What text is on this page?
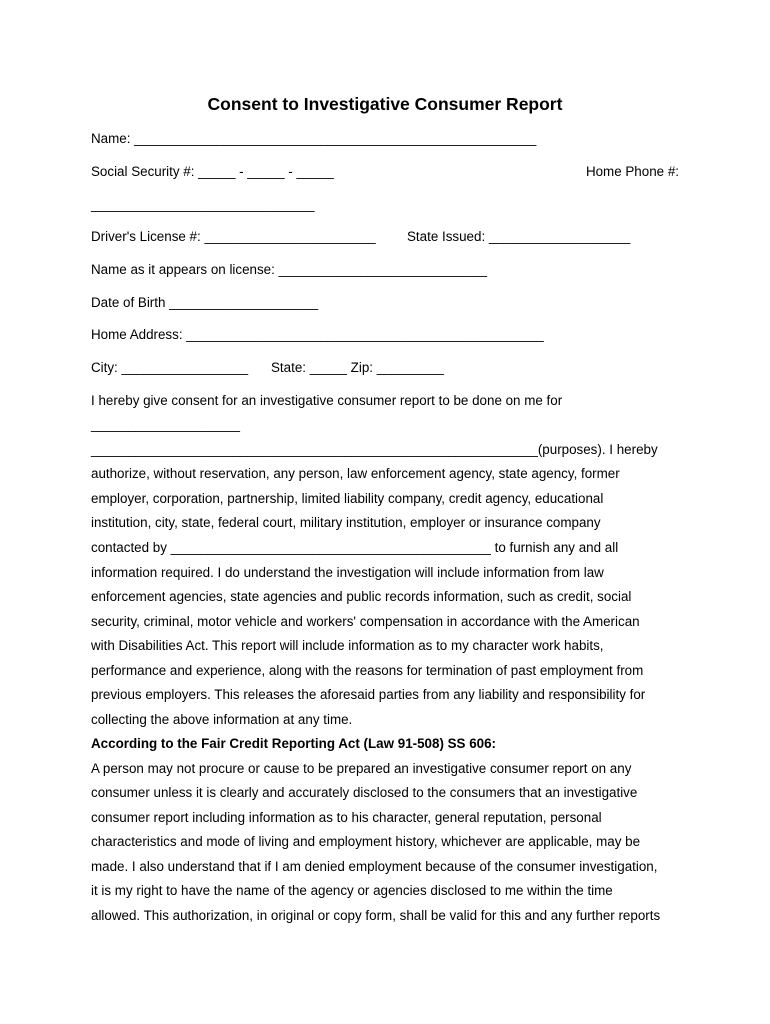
Consent to Investigative Consumer Report
Name: ______________________________________________________
Social Security #: _____ - _____ - _____	Home Phone #:
______________________________
Driver's License #: _______________________ State Issued: ___________________
Name as it appears on license: ____________________________
Date of Birth ____________________
Home Address: ________________________________________________
City: _________________ State: _____ Zip: _________
I hereby give consent for an investigative consumer report to be done on me for
____________________
____________________________________________________________(purposes). I hereby
authorize, without reservation, any person, law enforcement agency, state agency, former
employer, corporation, partnership, limited liability company, credit agency, educational
institution, city, state, federal court, military institution, employer or insurance company
contacted by ___________________________________________ to furnish any and all
information required. I do understand the investigation will include information from law
enforcement agencies, state agencies and public records information, such as credit, social
security, criminal, motor vehicle and workers' compensation in accordance with the American
with Disabilities Act. This report will include information as to my character work habits,
performance and experience, along with the reasons for termination of past employment from
previous employers. This releases the aforesaid parties from any liability and responsibility for
collecting the above information at any time.
According to the Fair Credit Reporting Act (Law 91-508) SS 606:
A person may not procure or cause to be prepared an investigative consumer report on any
consumer unless it is clearly and accurately disclosed to the consumers that an investigative
consumer report including information as to his character, general reputation, personal
characteristics and mode of living and employment history, whichever are applicable, may be
made. I also understand that if I am denied employment because of the consumer investigation,
it is my right to have the name of the agency or agencies disclosed to me within the time
allowed. This authorization, in original or copy form, shall be valid for this and any further reports
